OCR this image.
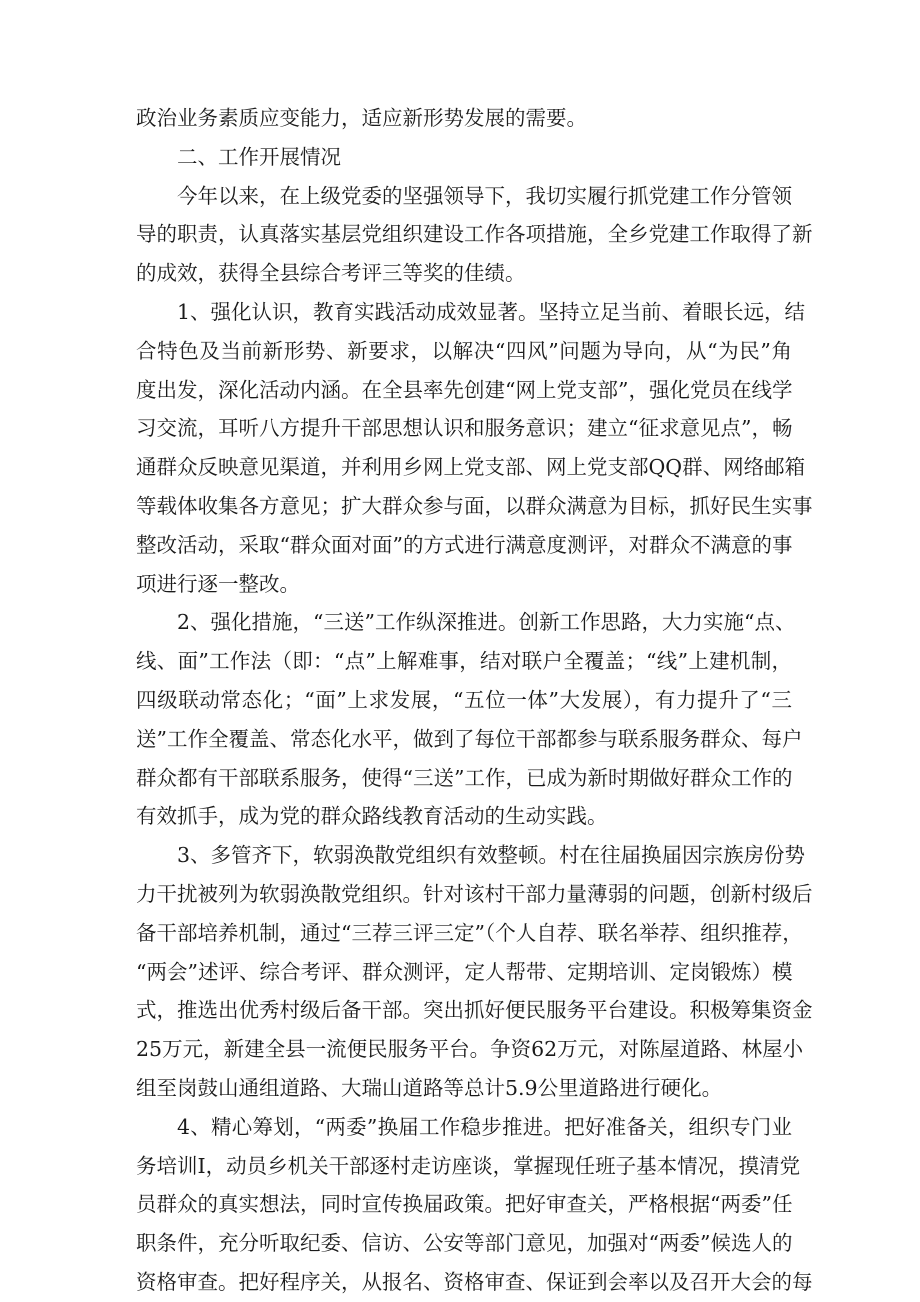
政治业务素质应变能力，适应新形势发展的需要。
二、工作开展情况
今年以来，在上级党委的坚强领导下，我切实履行抓党建工作分管领
导的职责，认真落实基层党组织建设工作各项措施，全乡党建工作取得了新
的成效，获得全县综合考评三等奖的佳绩。
1、强化认识，教育实践活动成效显著。坚持立足当前、着眼长远，结
合特色及当前新形势、新要求，以解决“四风”问题为导向，从“为民”角
度出发，深化活动内涵。在全县率先创建“网上党支部”，强化党员在线学
习交流，耳听八方提升干部思想认识和服务意识；建立“征求意见点”，畅
通群众反映意见渠道，并利用乡网上党支部、网上党支部QQ群、网络邮箱
等载体收集各方意见；扩大群众参与面，以群众满意为目标，抓好民生实事
整改活动，采取“群众面对面”的方式进行满意度测评，对群众不满意的事
项进行逐一整改。
2、强化措施，“三送”工作纵深推进。创新工作思路，大力实施“点、
线、面”工作法（即：“点”上解难事，结对联户全覆盖；“线”上建机制，
四级联动常态化；“面”上求发展，“五位一体”大发展），有力提升了“三
送”工作全覆盖、常态化水平，做到了每位干部都参与联系服务群众、每户
群众都有干部联系服务，使得“三送”工作，已成为新时期做好群众工作的
有效抓手，成为党的群众路线教育活动的生动实践。
3、多管齐下，软弱涣散党组织有效整顿。村在往届换届因宗族房份势
力干扰被列为软弱涣散党组织。针对该村干部力量薄弱的问题，创新村级后
备干部培养机制，通过“三荐三评三定”（个人自荐、联名举荐、组织推荐，
“两会”述评、综合考评、群众测评，定人帮带、定期培训、定岗锻炼）模
式，推选出优秀村级后备干部。突出抓好便民服务平台建设。积极筹集资金
25万元，新建全县一流便民服务平台。争资62万元，对陈屋道路、林屋小
组至岗鼓山通组道路、大瑞山道路等总计5.9公里道路进行硬化。
4、精心筹划，“两委”换届工作稳步推进。把好准备关，组织专门业
务培训I，动员乡机关干部逐村走访座谈，掌握现任班子基本情况，摸清党
员群众的真实想法，同时宣传换届政策。把好审查关，严格根据“两委”任
职条件，充分听取纪委、信访、公安等部门意见，加强对“两委”候选人的
资格审查。把好程序关，从报名、资格审查、保证到会率以及召开大会的每
